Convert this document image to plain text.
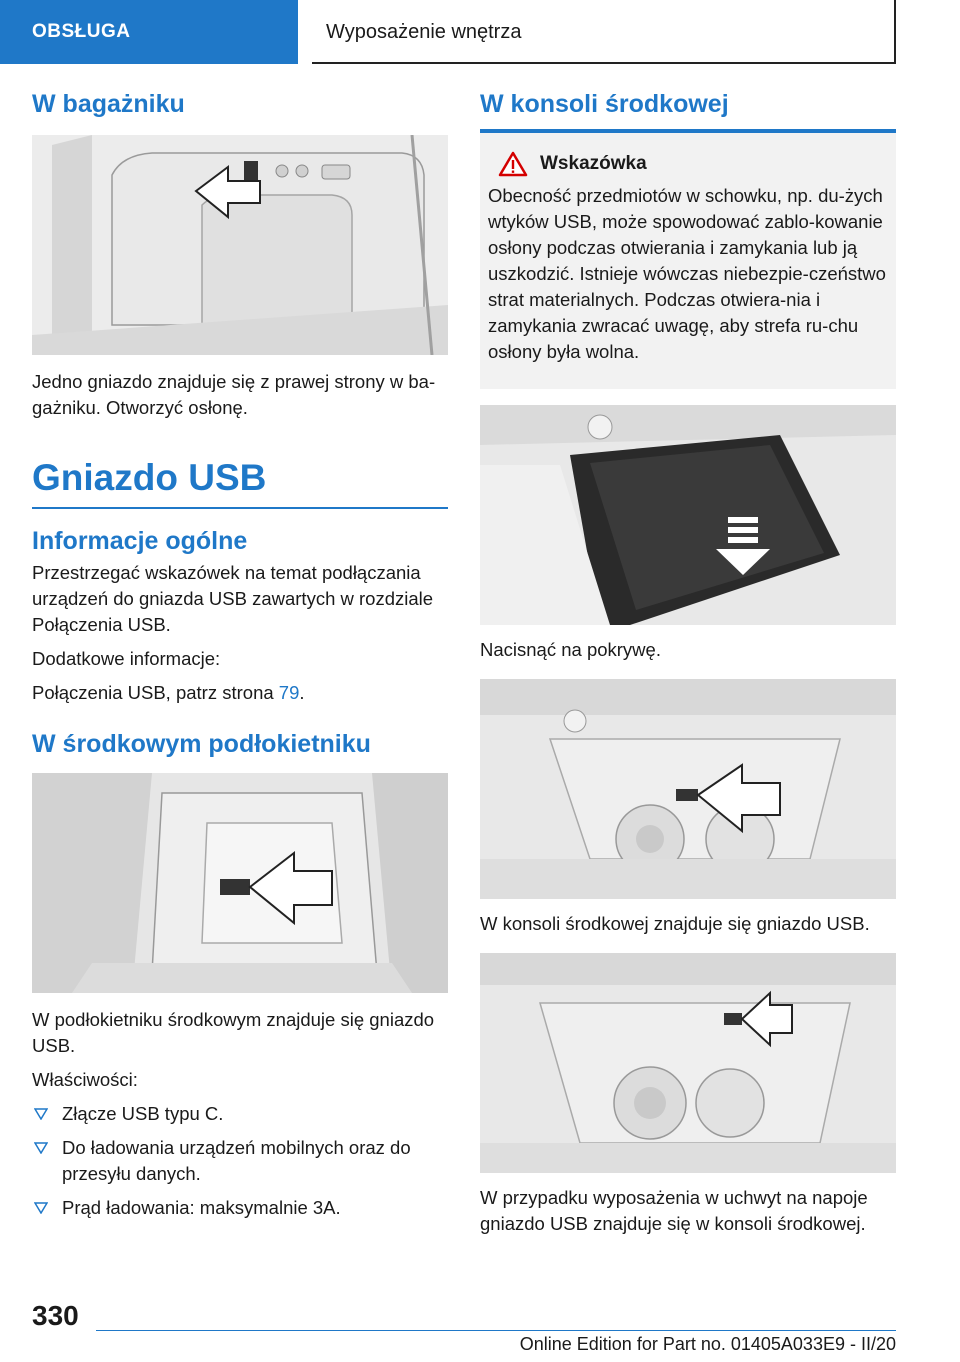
OBSŁUGA	Wyposażenie wnętrza
W bagażniku

Jedno gniazdo znajduje się z prawej strony w ba-gażniku. Otworzyć osłonę.

Gniazdo USB
Informacje ogólne

Przestrzegać wskazówek na temat podłączania urządzeń do gniazda USB zawartych w rozdziale Połączenia USB.

Dodatkowe informacje:

Połączenia USB, patrz strona 79.

W środkowym podłokietniku

W podłokietniku środkowym znajduje się gniazdo USB.

Właściwości:

Złącze USB typu C.
Do ładowania urządzeń mobilnych oraz do przesyłu danych.
Prąd ładowania: maksymalnie 3A.
W konsoli środkowej
Wskazówka

Obecność przedmiotów w schowku, np. du-żych wtyków USB, może spowodować zablo-kowanie osłony podczas otwierania i zamykania lub ją uszkodzić. Istnieje wówczas niebezpie-czeństwo strat materialnych. Podczas otwiera-nia i zamykania zwracać uwagę, aby strefa ru-chu osłony była wolna.

Nacisnąć na pokrywę.

W konsoli środkowej znajduje się gniazdo USB.

W przypadku wyposażenia w uchwyt na napoje gniazdo USB znajduje się w konsoli środkowej.

330
Online Edition for Part no. 01405A033E9 - II/20
